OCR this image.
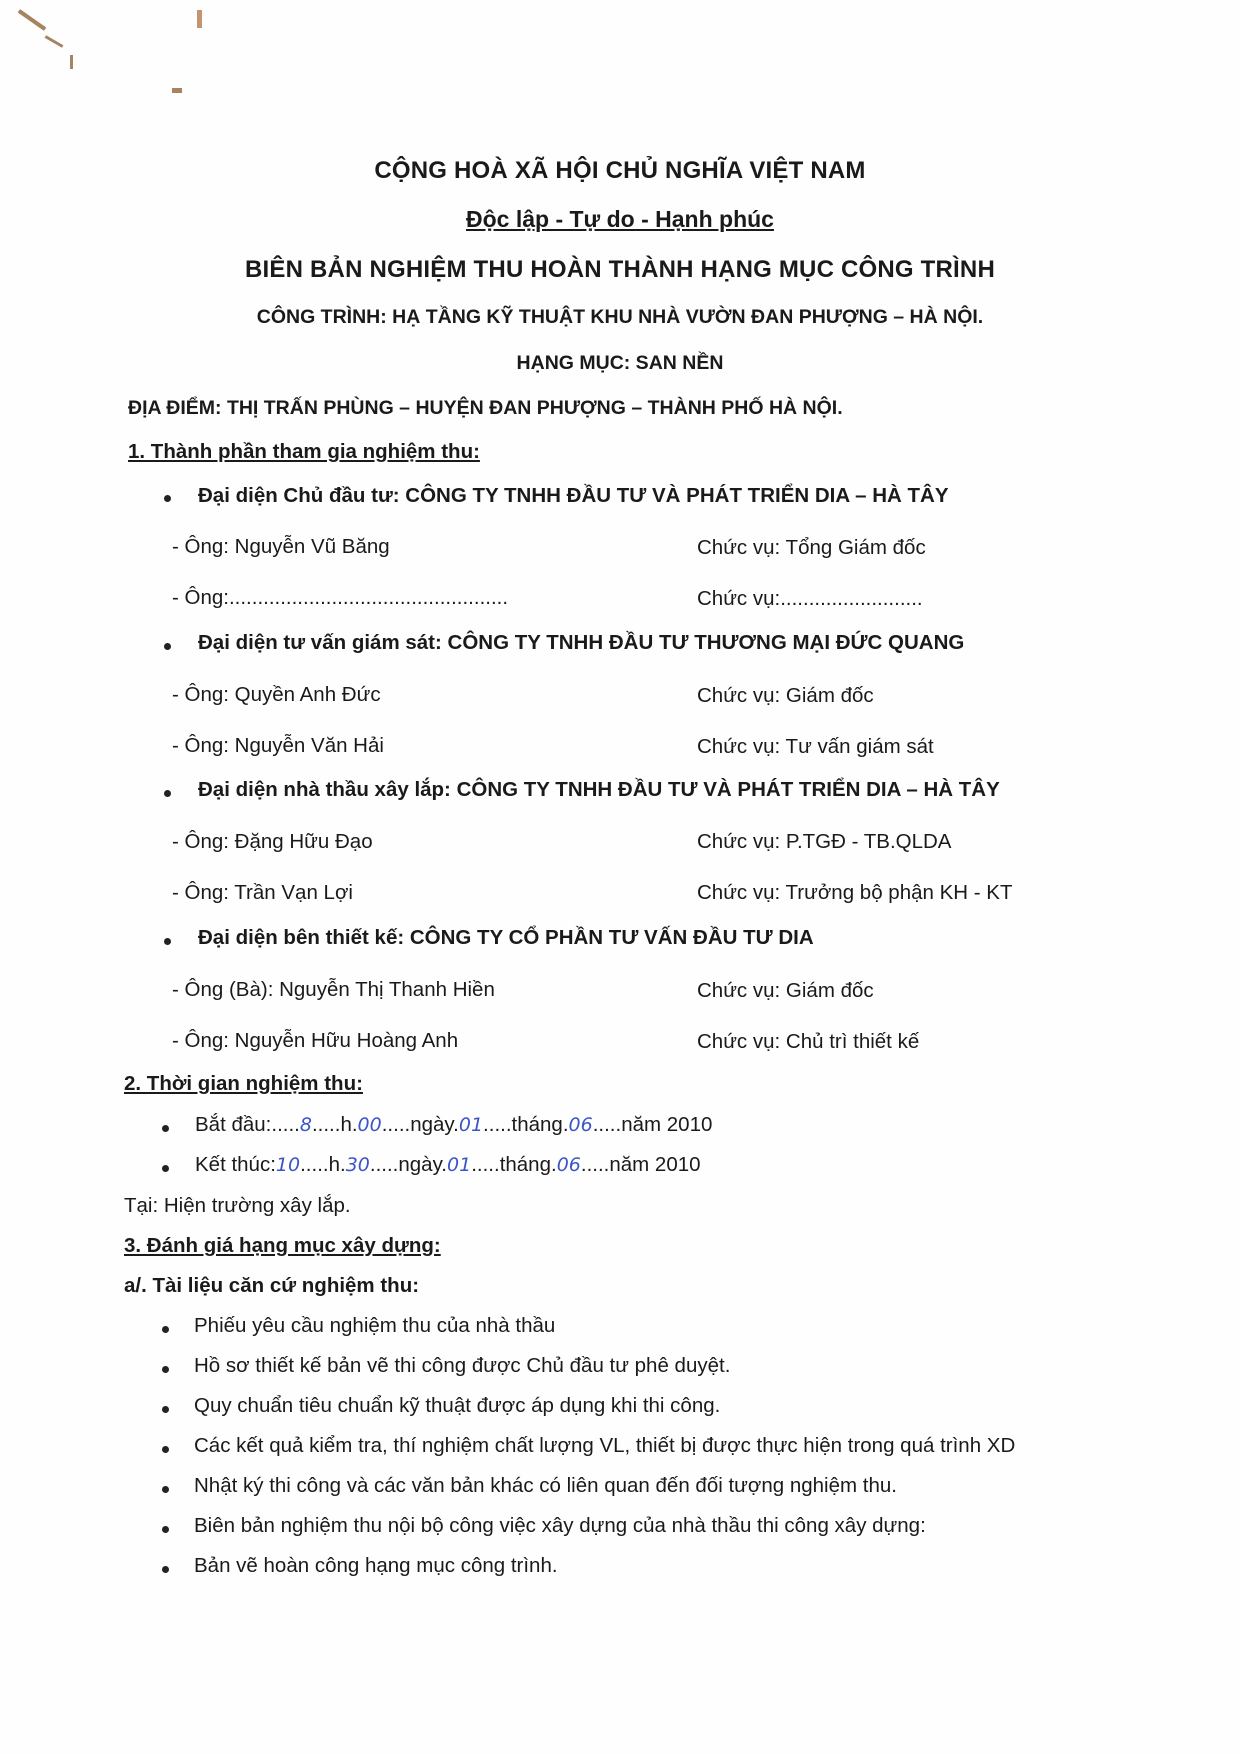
CỘNG HOÀ XÃ HỘI CHỦ NGHĨA VIỆT NAM
Độc lập - Tự do - Hạnh phúc
BIÊN BẢN NGHIỆM THU HOÀN THÀNH HẠNG MỤC CÔNG TRÌNH
CÔNG TRÌNH: HẠ TẦNG KỸ THUẬT KHU NHÀ VƯỜN ĐAN PHƯỢNG – HÀ NỘI.
HẠNG MỤC: SAN NỀN
ĐỊA ĐIỂM: THỊ TRẤN PHÙNG – HUYỆN ĐAN PHƯỢNG – THÀNH PHỐ HÀ NỘI.
1. Thành phần tham gia nghiệm thu:
Đại diện Chủ đầu tư: CÔNG TY TNHH ĐẦU TƯ VÀ PHÁT TRIỂN DIA – HÀ TÂY
- Ông: Nguyễn Vũ Băng	Chức vụ: Tổng Giám đốc
- Ông:.................................................	Chức vụ:.........................
Đại diện tư vấn giám sát: CÔNG TY TNHH ĐẦU TƯ THƯƠNG MẠI ĐỨC QUANG
- Ông: Quyền Anh Đức	Chức vụ: Giám đốc
- Ông: Nguyễn Văn Hải	Chức vụ: Tư vấn giám sát
Đại diện nhà thầu xây lắp: CÔNG TY TNHH ĐẦU TƯ VÀ PHÁT TRIỂN DIA – HÀ TÂY
- Ông: Đặng Hữu Đạo	Chức vụ: P.TGĐ - TB.QLDA
- Ông: Trần Vạn Lợi	Chức vụ: Trưởng bộ phận KH - KT
Đại diện bên thiết kế: CÔNG TY CỔ PHẦN TƯ VẤN ĐẦU TƯ DIA
- Ông (Bà): Nguyễn Thị Thanh Hiền	Chức vụ: Giám đốc
- Ông: Nguyễn Hữu Hoàng Anh	Chức vụ: Chủ trì thiết kế
2. Thời gian nghiệm thu:
Bắt đầu:.....8.....h.00.....ngày.01.....tháng.06.....năm 2010
Kết thúc:10.....h.30.....ngày.01.....tháng.06.....năm 2010
Tại: Hiện trường xây lắp.
3. Đánh giá hạng mục xây dựng:
a/. Tài liệu căn cứ nghiệm thu:
Phiếu yêu cầu nghiệm thu của nhà thầu
Hồ sơ thiết kế bản vẽ thi công được Chủ đầu tư phê duyệt.
Quy chuẩn tiêu chuẩn kỹ thuật được áp dụng khi thi công.
Các kết quả kiểm tra, thí nghiệm chất lượng VL, thiết bị được thực hiện trong quá trình XD
Nhật ký thi công và các văn bản khác có liên quan đến đối tượng nghiệm thu.
Biên bản nghiệm thu nội bộ công việc xây dựng của nhà thầu thi công xây dựng:
Bản vẽ hoàn công hạng mục công trình.
